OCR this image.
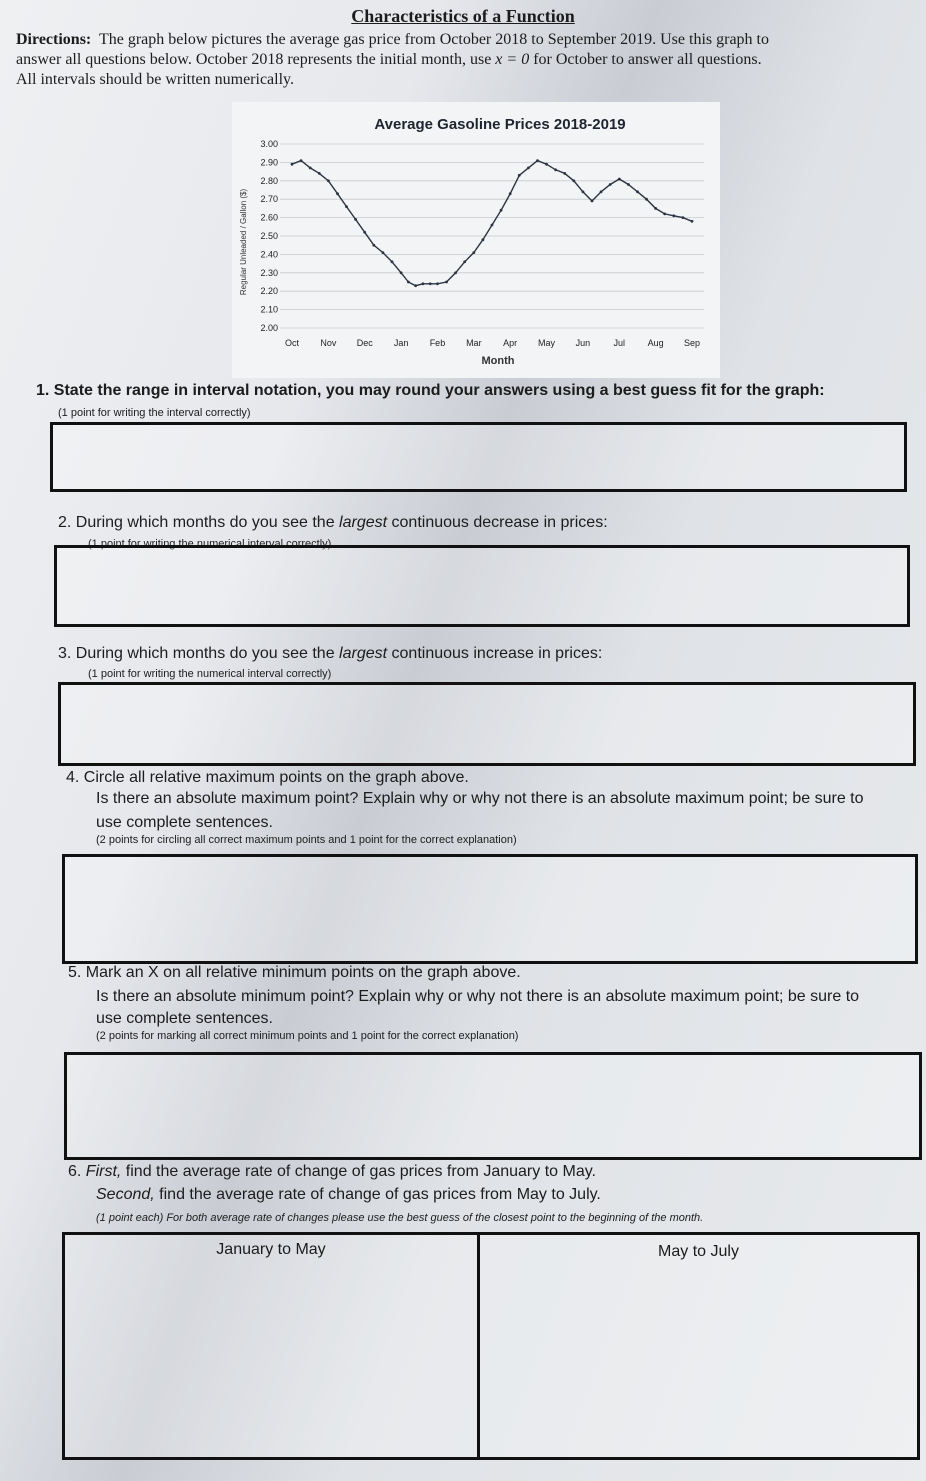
Characteristics of a Function
Directions: The graph below pictures the average gas price from October 2018 to September 2019. Use this graph to
answer all questions below. October 2018 represents the initial month, use x = 0 for October to answer all questions.
All intervals should be written numerically.
Average Gasoline Prices 2018-2019
3.00
2.90
2.80
2.70
2.60
2.50
2.40
2.30
2.20
2.10
2.00
Oct Nov Dec Jan Feb Mar Apr May Jun	Jul	Aug Sep
Regular Unleaded / Gallon ($)
Month
1. State the range in interval notation, you may round your answers using a best guess fit for the graph:
(1 point for writing the interval correctly)
2. During which months do you see the largest continuous decrease in prices:
(1 point for writing the numerical interval correctly)
3. During which months do you see the largest continuous increase in prices:
(1 point for writing the numerical interval correctly)
4. Circle all relative maximum points on the graph above.
Is there an absolute maximum point? Explain why or why not there is an absolute maximum point; be sure to
use complete sentences.
(2 points for circling all correct maximum points and 1 point for the correct explanation)
5. Mark an X on all relative minimum points on the graph above.
Is there an absolute minimum point? Explain why or why not there is an absolute maximum point; be sure to
use complete sentences.
(2 points for marking all correct minimum points and 1 point for the correct explanation)
6. First, find the average rate of change of gas prices from January to May.
Second, find the average rate of change of gas prices from May to July.
(1 point each) For both average rate of changes please use the best guess of the closest point to the beginning of the month.
January to May	May to July
